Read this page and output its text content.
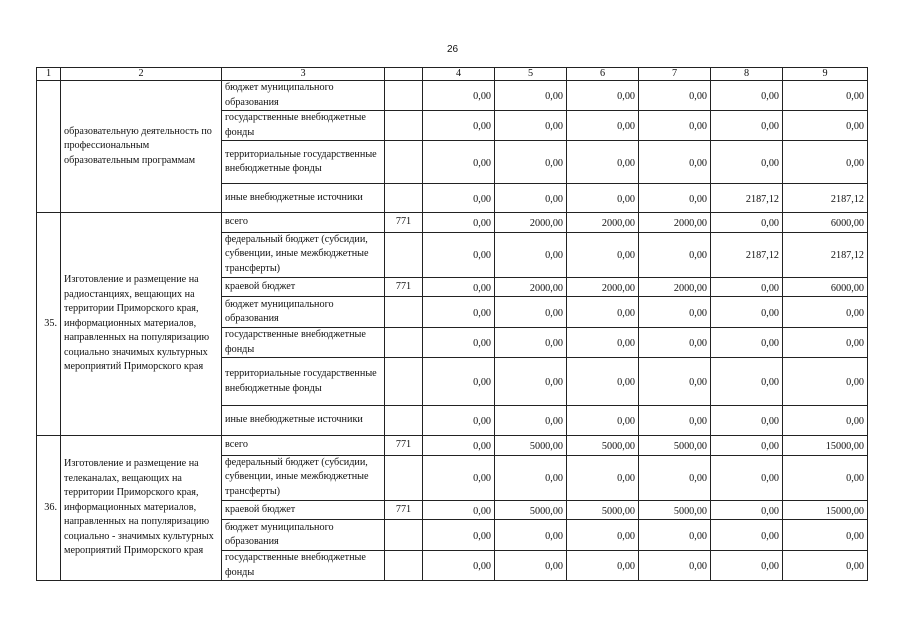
26
1	2	3		4	5	6	7	8	9
	образовательную деятельность по профессиональным образовательным программам	бюджет муниципального образования		0,00	0,00	0,00	0,00	0,00	0,00
		государственные внебюджетные фонды		0,00	0,00	0,00	0,00	0,00	0,00
		территориальные государственные внебюджетные фонды		0,00	0,00	0,00	0,00	0,00	0,00
		иные внебюджетные источники		0,00	0,00	0,00	0,00	2187,12	2187,12
35.	Изготовление и размещение на радиостанциях, вещающих на территории Приморского края, информационных материалов, направленных на популяризацию социально значимых культурных мероприятий Приморского края	всего	771	0,00	2000,00	2000,00	2000,00	0,00	6000,00
		федеральный бюджет (субсидии, субвенции, иные межбюджетные трансферты)		0,00	0,00	0,00	0,00	2187,12	2187,12
		краевой бюджет	771	0,00	2000,00	2000,00	2000,00	0,00	6000,00
		бюджет муниципального образования		0,00	0,00	0,00	0,00	0,00	0,00
		государственные внебюджетные фонды		0,00	0,00	0,00	0,00	0,00	0,00
		территориальные государственные внебюджетные фонды		0,00	0,00	0,00	0,00	0,00	0,00
		иные внебюджетные источники		0,00	0,00	0,00	0,00	0,00	0,00
36.	Изготовление и размещение на телеканалах, вещающих на территории Приморского края, информационных материалов, направленных на популяризацию социально - значимых культурных мероприятий Приморского края	всего	771	0,00	5000,00	5000,00	5000,00	0,00	15000,00
		федеральный бюджет (субсидии, субвенции, иные межбюджетные трансферты)		0,00	0,00	0,00	0,00	0,00	0,00
		краевой бюджет	771	0,00	5000,00	5000,00	5000,00	0,00	15000,00
		бюджет муниципального образования		0,00	0,00	0,00	0,00	0,00	0,00
		государственные внебюджетные фонды		0,00	0,00	0,00	0,00	0,00	0,00
